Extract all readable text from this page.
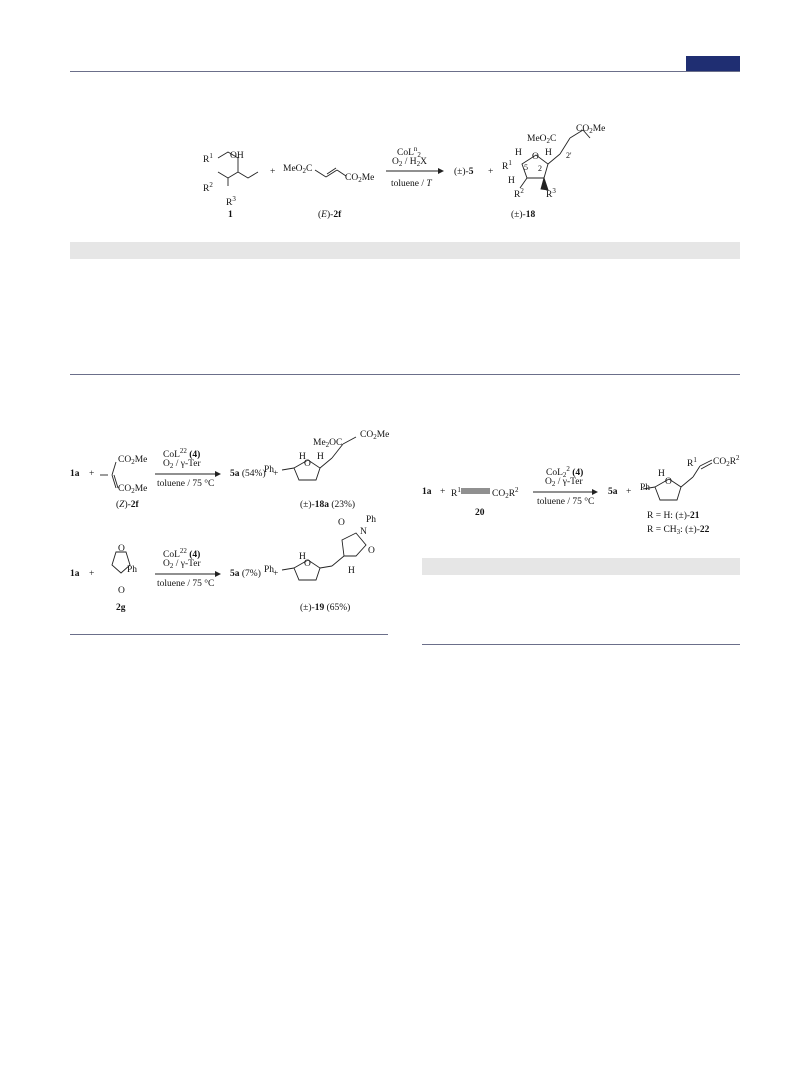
$R^1$ OH
$R^2$
$R^3$
1
+ MeO$_2$C
$CO_2Me$
(E)-2f
CoL$^n_2$
$O_2 / H_2X$
toluene / T
(±)-5 +
$CO_2Me$
MeO$_2$C
2'
H H
$R^1$ 5
O
2
H
$R^2$ $R^3$
(±)-18
1a +
$CO_2Me$
$CO_2Me$
(Z)-2f
CoL$^{22}$ (4)
$O_2 / \gamma-Ter$
toluene / 75 °C
5a (54%) +
Ph
H
O
H
$Me_2OC$
$CO_2Me$
(±)-18a (23%)
1a +
O
O
Ph
2g
CoL$^{22}$ (4)
$O_2 / \gamma-Ter$
toluene / 75 °C
5a (7%) +
Ph
H
O
H
O
O
N
Ph
(±)-19 (65%)
$1a + R^1$	$CO_2R^2$
20
CoL$_2^2$ (4)
$O_2 / \gamma-Ter$
toluene / 75 °C
5a + Ph
H
O
$R^1$ $CO_2R^2$
R = H: (±)-21
$R = CH_3$: (±)-22
